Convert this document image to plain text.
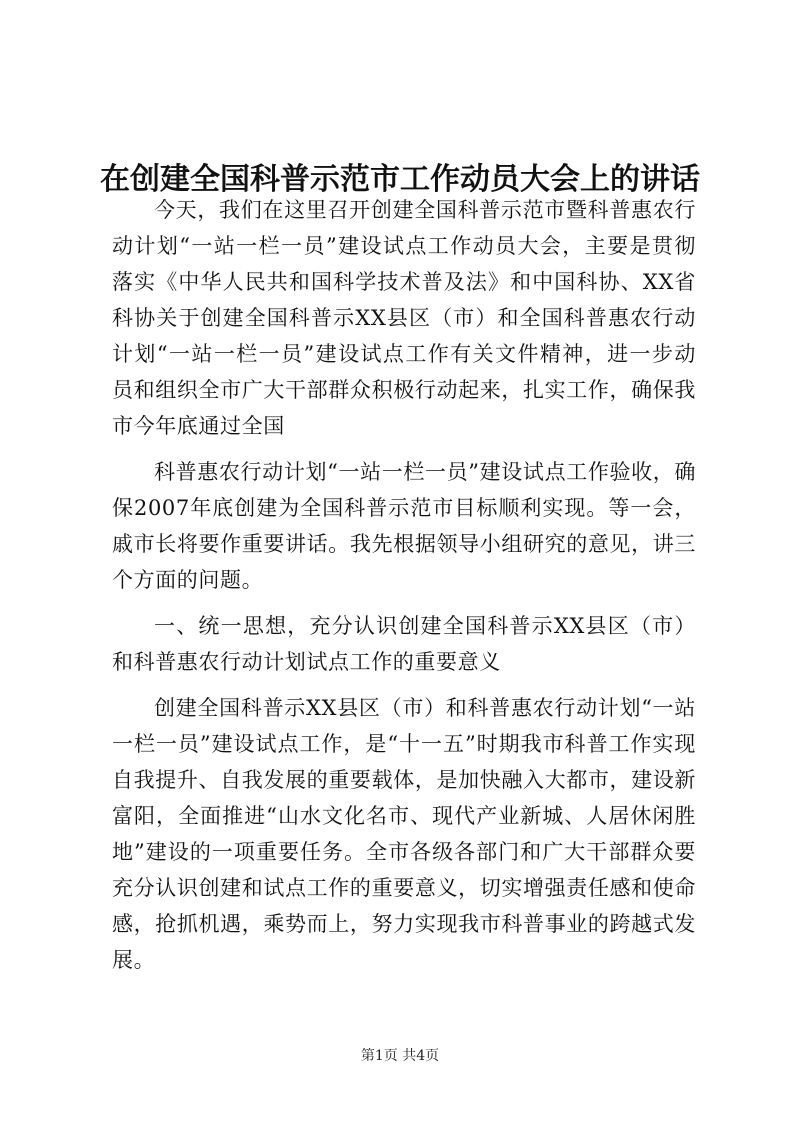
在创建全国科普示范市工作动员大会上的讲话

今天，我们在这里召开创建全国科普示范市暨科普惠农行动计划“一站一栏一员”建设试点工作动员大会，主要是贯彻落实《中华人民共和国科学技术普及法》和中国科协、XX省科协关于创建全国科普示XX县区（市）和全国科普惠农行动计划“一站一栏一员”建设试点工作有关文件精神，进一步动员和组织全市广大干部群众积极行动起来，扎实工作，确保我市今年底通过全国

科普惠农行动计划“一站一栏一员”建设试点工作验收，确保2007年底创建为全国科普示范市目标顺利实现。等一会，戚市长将要作重要讲话。我先根据领导小组研究的意见，讲三个方面的问题。

一、统一思想，充分认识创建全国科普示XX县区（市）和科普惠农行动计划试点工作的重要意义

创建全国科普示XX县区（市）和科普惠农行动计划“一站一栏一员”建设试点工作，是“十一五”时期我市科普工作实现自我提升、自我发展的重要载体，是加快融入大都市，建设新富阳，全面推进“山水文化名市、现代产业新城、人居休闲胜地”建设的一项重要任务。全市各级各部门和广大干部群众要充分认识创建和试点工作的重要意义，切实增强责任感和使命感，抢抓机遇，乘势而上，努力实现我市科普事业的跨越式发展。

第1页 共4页
